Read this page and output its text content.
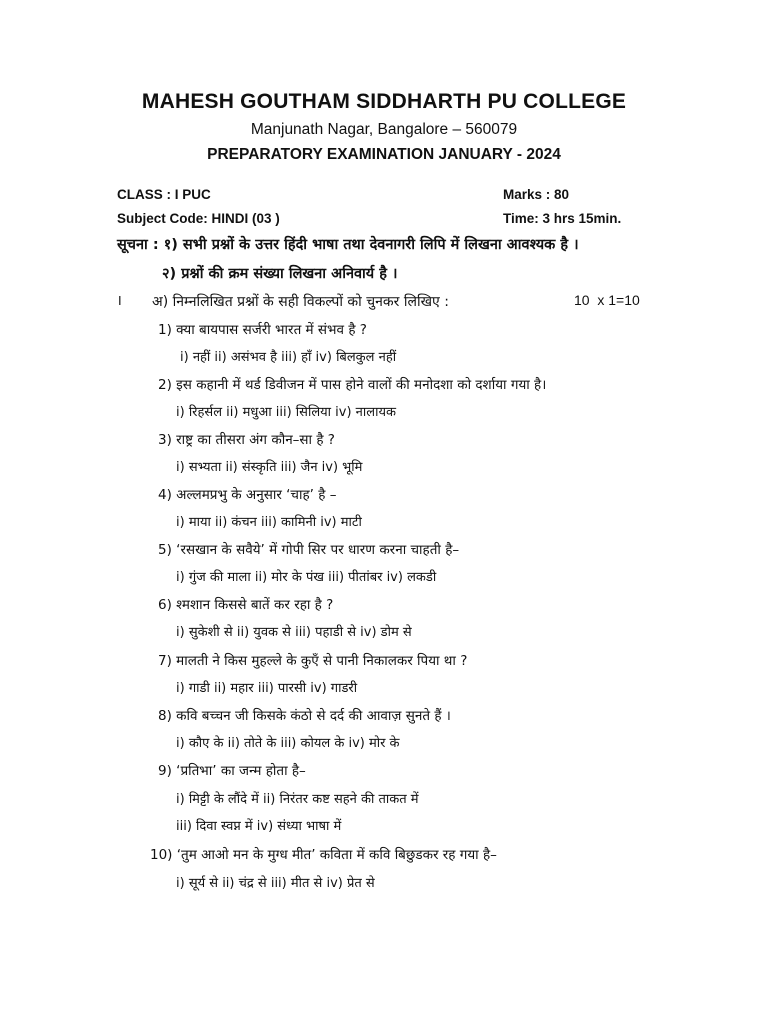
MAHESH GOUTHAM SIDDHARTH PU COLLEGE
Manjunath Nagar, Bangalore – 560079
PREPARATORY EXAMINATION JANUARY - 2024
CLASS : I PUC
Subject Code: HINDI (03 )
Marks : 80
Time: 3 hrs 15min.
सूचना : १) सभी प्रश्नों के उत्तर हिंदी भाषा तथा देवनागरी लिपि में लिखना आवश्यक है ।
२) प्रश्नों की क्रम संख्या लिखना अनिवार्य है ।
I अ) निम्नलिखित प्रश्नों के सही विकल्पों को चुनकर लिखिए :	10  x 1=10
1) क्या बायपास सर्जरी भारत में संभव है ?
i) नहीं ii) असंभव है iii) हाँ iv) बिलकुल नहीं
2) इस कहानी में थर्ड डिवीजन में पास होने वालों की मनोदशा को दर्शाया गया है।
i) रिहर्सल ii) मधुआ iii) सिलिया iv) नालायक
3) राष्ट्र का तीसरा अंग कौन–सा है ?
i) सभ्यता ii) संस्कृति iii) जैन iv) भूमि
4) अल्लमप्रभु के अनुसार ‘चाह’ है –
i) माया ii) कंचन iii) कामिनी iv) माटी
5) ‘रसखान के सवैये’ में गोपी सिर पर धारण करना चाहती है–
i) गुंज की माला ii) मोर के पंख iii) पीतांबर iv) लकडी
6) श्मशान किससे बातें कर रहा है ?
i) सुकेशी से ii) युवक से iii) पहाडी से iv) डोम से
7) मालती ने किस मुहल्ले के कुएँ से पानी निकालकर पिया था ?
i) गाडी ii) महार iii) पारसी iv) गाडरी
8) कवि बच्चन जी किसके कंठो से दर्द की आवाज़ सुनते हैं ।
i) कौए के ii) तोते के iii) कोयल के iv) मोर के
9) ‘प्रतिभा’ का जन्म होता है–
i) मिट्टी के लौंदे में ii) निरंतर कष्ट सहने की ताकत में
iii) दिवा स्वप्न में iv) संध्या भाषा में
10) ‘तुम आओ मन के मुग्ध मीत’ कविता में कवि बिछुडकर रह गया है–
i) सूर्य से ii) चंद्र से iii) मीत से iv) प्रेत से
